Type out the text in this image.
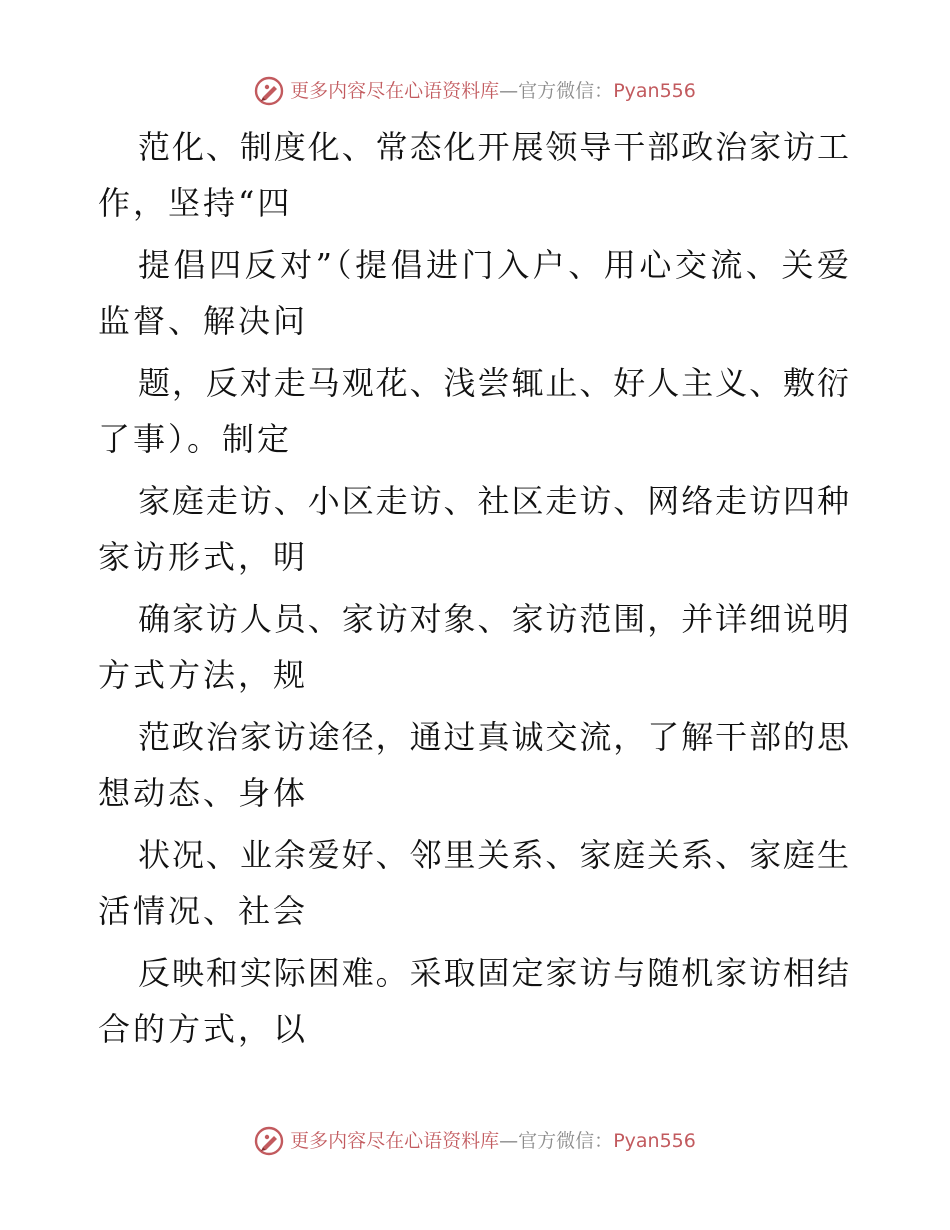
更多内容尽在心语资料库 — 官方微信： Pyan556
范化、制度化、常态化开展领导干部政治家访工
作，坚持“四
提倡四反对”（提倡进门入户、用心交流、关爱
监督、解决问
题，反对走马观花、浅尝辄止、好人主义、敷衍
了事）。制定
家庭走访、小区走访、社区走访、网络走访四种
家访形式，明
确家访人员、家访对象、家访范围，并详细说明
方式方法，规
范政治家访途径，通过真诚交流，了解干部的思
想动态、身体
状况、业余爱好、邻里关系、家庭关系、家庭生
活情况、社会
反映和实际困难。采取固定家访与随机家访相结
合的方式，以
更多内容尽在心语资料库 — 官方微信： Pyan556
